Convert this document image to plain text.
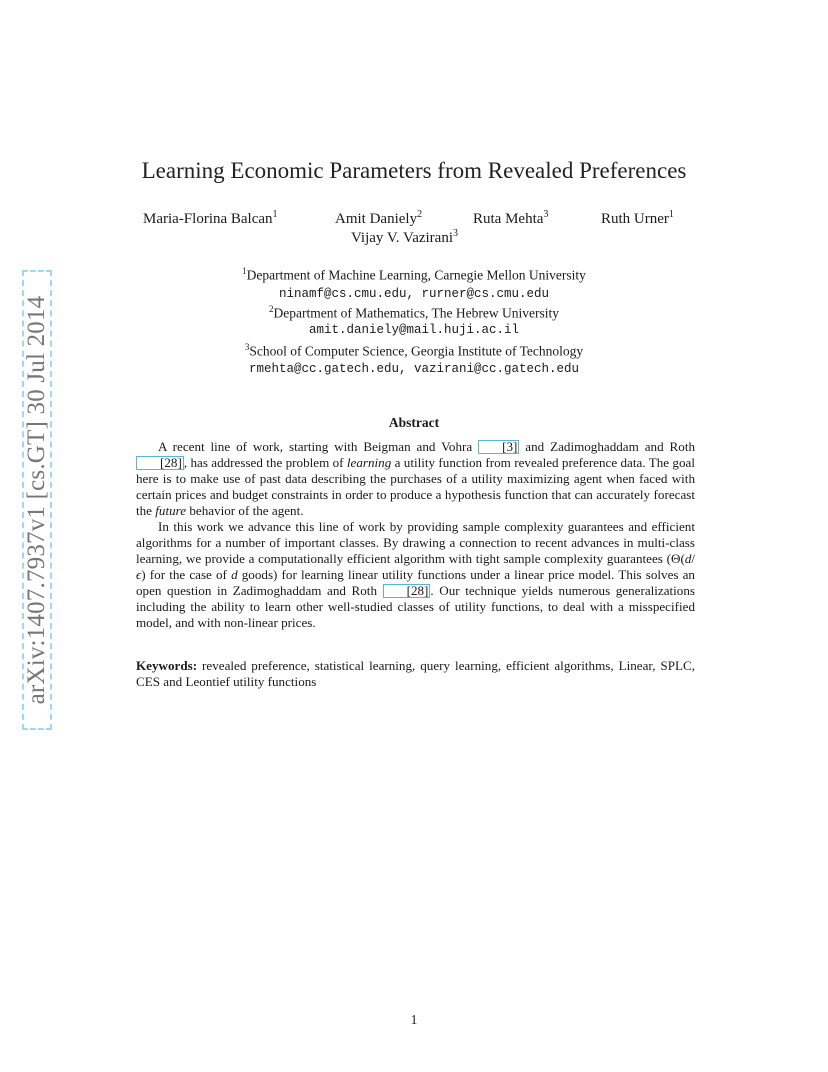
arXiv:1407.7937v1 [cs.GT] 30 Jul 2014
Learning Economic Parameters from Revealed Preferences
Maria-Florina Balcan$^1$	Amit Daniely$^2$	Ruta Mehta$^3$	Ruth Urner$^1$
Vijay V. Vazirani$^3$
$^1$Department of Machine Learning, Carnegie Mellon University
ninamf@cs.cmu.edu, rurner@cs.cmu.edu
$^2$Department of Mathematics, The Hebrew University
amit.daniely@mail.huji.ac.il
$^3$School of Computer Science, Georgia Institute of Technology
rmehta@cc.gatech.edu, vazirani@cc.gatech.edu
Abstract

A recent line of work, starting with Beigman and Vohra [3] and Zadimoghaddam and Roth [28] , has addressed the problem of learning a utility function from revealed preference data. The goal here is to make use of past data describing the purchases of a utility maximizing agent when faced with certain prices and budget constraints in order to produce a hypothesis function that can accurately forecast the future behavior of the agent.

In this work we advance this line of work by providing sample complexity guarantees and efficient algorithms for a number of important classes. By drawing a connection to recent advances in multi-class learning, we provide a computationally efficient algorithm with tight sample complexity guarantees (Θ(d/ϵ) for the case of d goods) for learning linear utility functions under a linear price model. This solves an open question in Zadimoghaddam and Roth [28] . Our technique yields numerous generalizations including the ability to learn other well-studied classes of utility functions, to deal with a misspecified model, and with non-linear prices.

Keywords: revealed preference, statistical learning, query learning, efficient algorithms, Linear, SPLC, CES and Leontief utility functions
1
